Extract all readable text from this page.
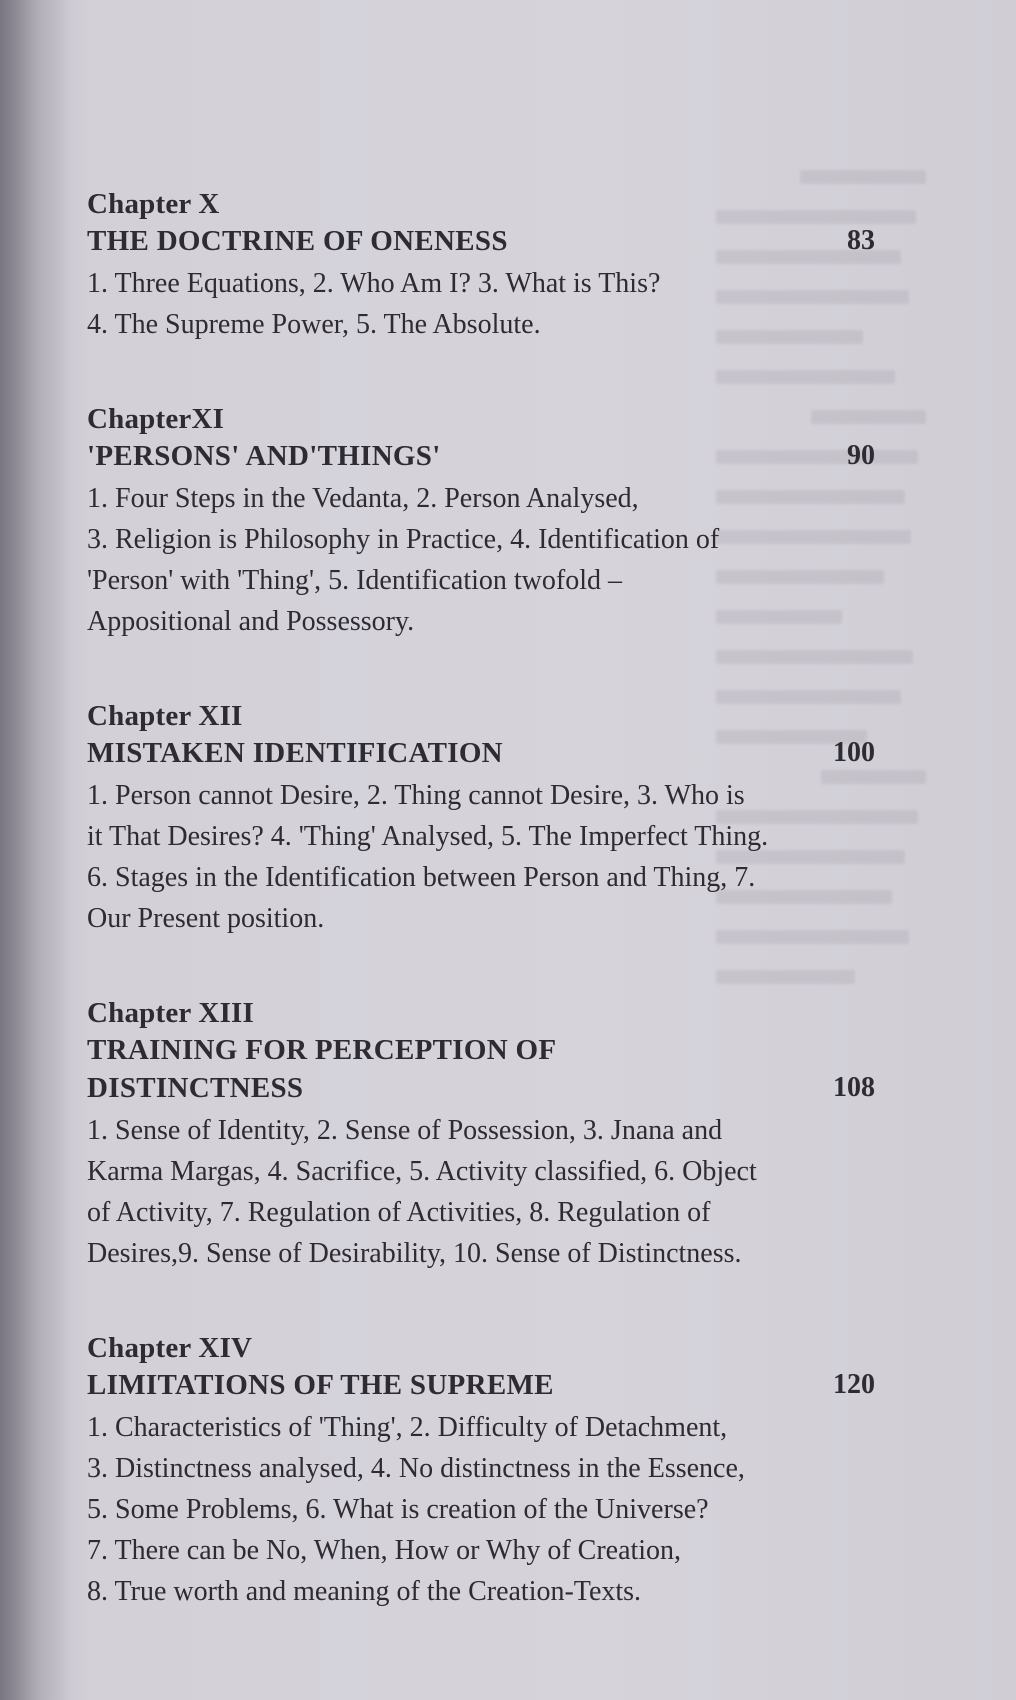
Chapter X
THE DOCTRINE OF ONENESS	83
1. Three Equations, 2. Who Am I? 3. What is This?
4. The Supreme Power, 5. The Absolute.
ChapterXI
'PERSONS' AND'THINGS'	90
1. Four Steps in the Vedanta, 2. Person Analysed,
3. Religion is Philosophy in Practice, 4. Identification of
'Person' with 'Thing', 5. Identification twofold –
Appositional and Possessory.
Chapter XII
MISTAKEN IDENTIFICATION	100
1. Person cannot Desire, 2. Thing cannot Desire, 3. Who is
it That Desires? 4. 'Thing' Analysed, 5. The Imperfect Thing.
6. Stages in the Identification between Person and Thing, 7.
Our Present position.
Chapter XIII
TRAINING FOR PERCEPTION OF
DISTINCTNESS	108
1. Sense of Identity, 2. Sense of Possession, 3. Jnana and
Karma Margas, 4. Sacrifice, 5. Activity classified, 6. Object
of Activity, 7. Regulation of Activities, 8. Regulation of
Desires,9. Sense of Desirability, 10. Sense of Distinctness.
Chapter XIV
LIMITATIONS OF THE SUPREME	120
1. Characteristics of 'Thing', 2. Difficulty of Detachment,
3. Distinctness analysed, 4. No distinctness in the Essence,
5. Some Problems, 6. What is creation of the Universe?
7. There can be No, When, How or Why of Creation,
8. True worth and meaning of the Creation-Texts.
